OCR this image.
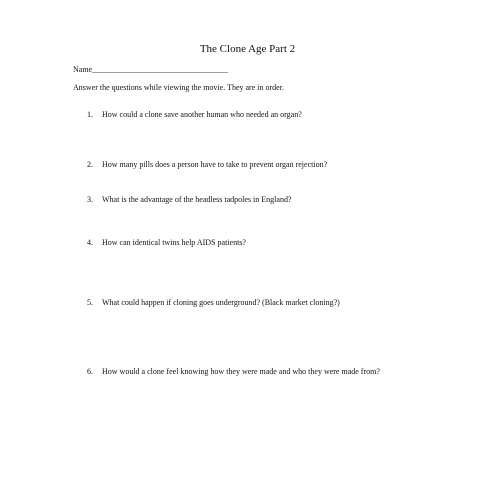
The Clone Age Part 2
Name__________________________________
Answer the questions while viewing the movie. They are in order.
1.	How could a clone save another human who needed an organ?
2.	How many pills does a person have to take to prevent organ rejection?
3.	What is the advantage of the headless tadpoles in England?
4.	How can identical twins help AIDS patients?
5.	What could happen if cloning goes underground? (Black market cloning?)
6.	How would a clone feel knowing how they were made and who they were made from?
